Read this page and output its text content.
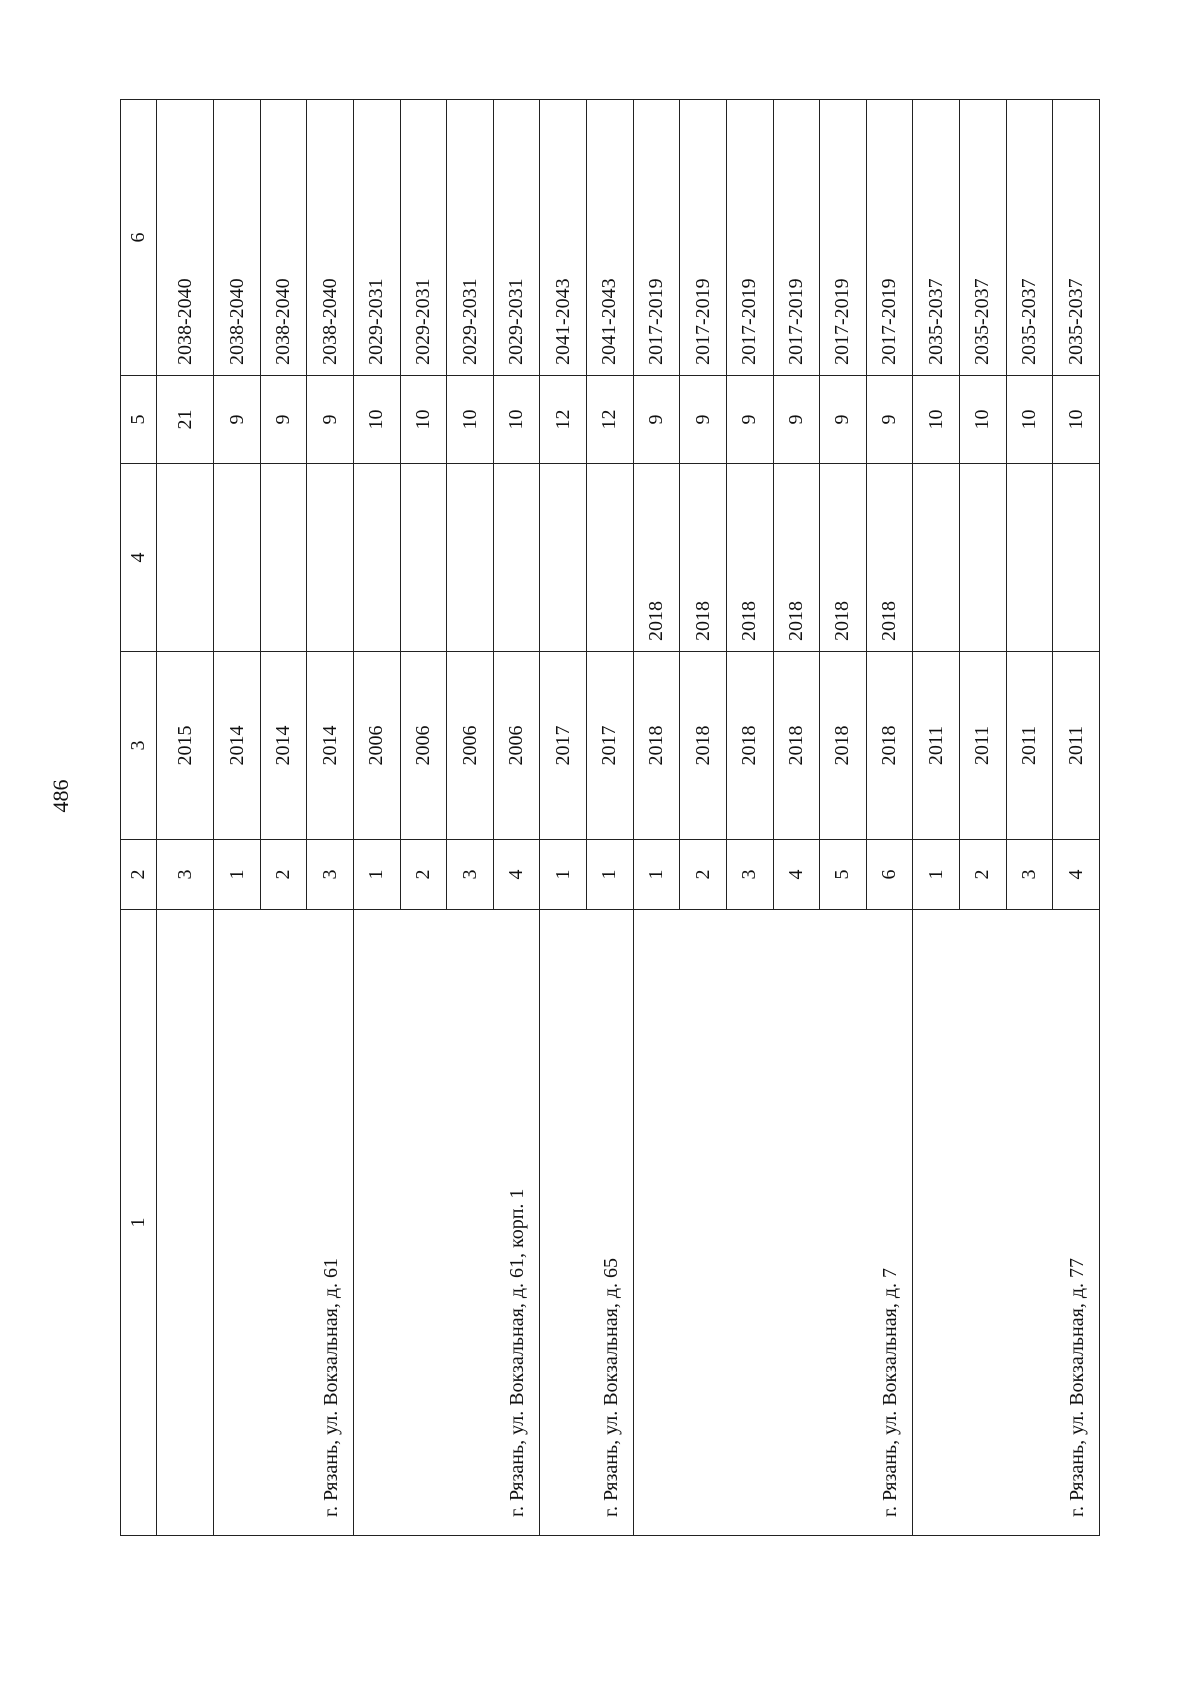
486
1	2	3	4	5	6
	3	2015		21	2038-2040
г. Рязань, ул. Вокзальная, д. 61	1	2014		9	2038-2040
	2	2014		9	2038-2040
	3	2014		9	2038-2040
г. Рязань, ул. Вокзальная, д. 61, корп. 1	1	2006		10	2029-2031
	2	2006		10	2029-2031
	3	2006		10	2029-2031
	4	2006		10	2029-2031
г. Рязань, ул. Вокзальная, д. 65	1	2017		12	2041-2043
	1	2017		12	2041-2043
г. Рязань, ул. Вокзальная, д. 7	1	2018	2018	9	2017-2019
	2	2018	2018	9	2017-2019
	3	2018	2018	9	2017-2019
	4	2018	2018	9	2017-2019
	5	2018	2018	9	2017-2019
	6	2018	2018	9	2017-2019
г. Рязань, ул. Вокзальная, д. 77	1	2011		10	2035-2037
	2	2011		10	2035-2037
	3	2011		10	2035-2037
	4	2011		10	2035-2037
